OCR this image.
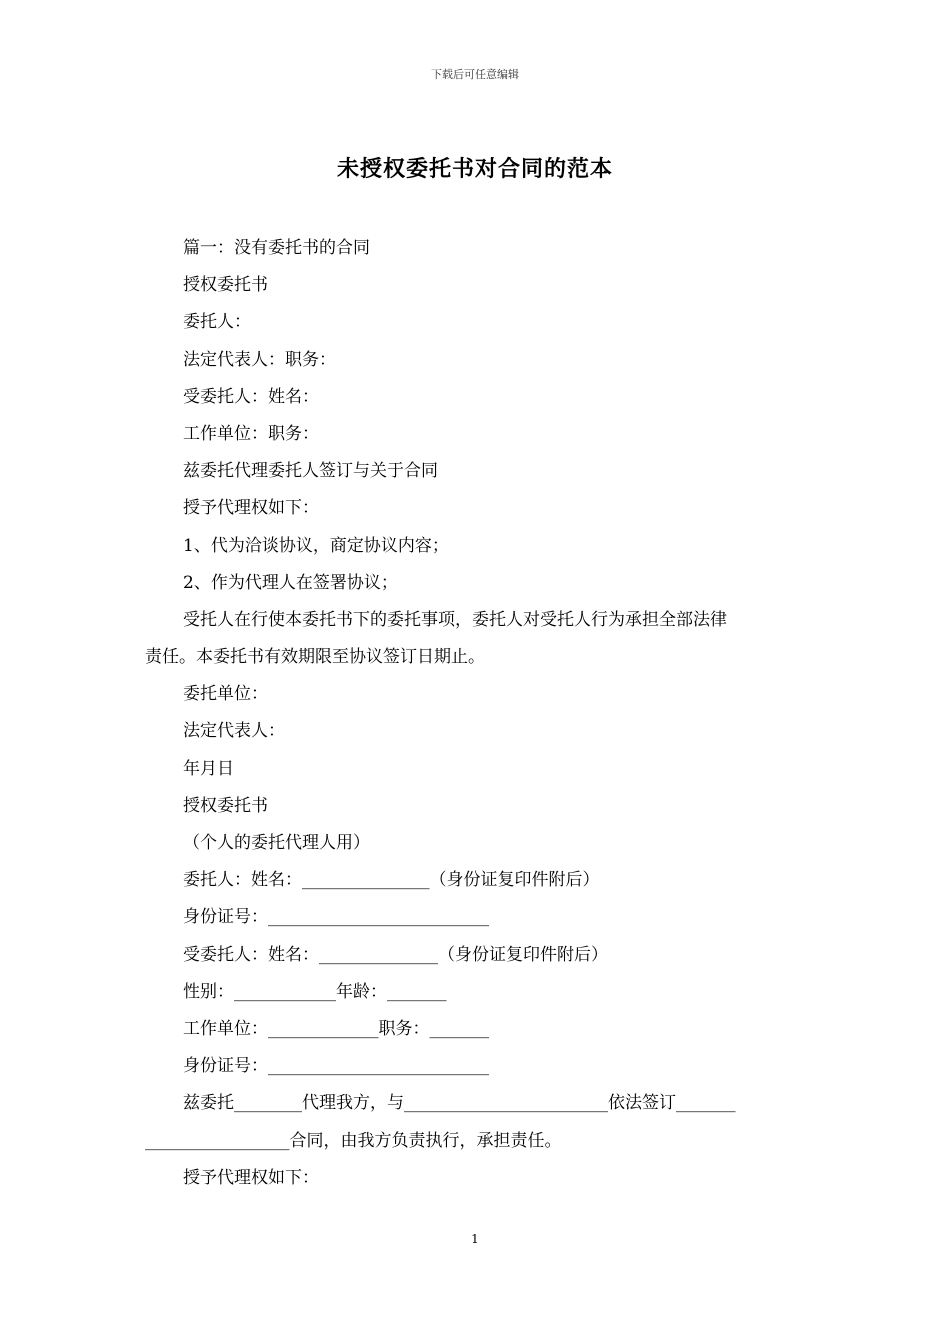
下载后可任意编辑
未授权委托书对合同的范本
篇一：没有委托书的合同
授权委托书
委托人：
法定代表人：职务：
受委托人：姓名：
工作单位：职务：
兹委托代理委托人签订与关于合同
授予代理权如下：
1、代为洽谈协议，商定协议内容；
2、作为代理人在签署协议；
受托人在行使本委托书下的委托事项，委托人对受托人行为承担全部法律
责任。本委托书有效期限至协议签订日期止。
委托单位：
法定代表人：
年月日
授权委托书
（个人的委托代理人用）
委托人：姓名：_______________（身份证复印件附后）
身份证号：__________________________
受委托人：姓名：______________（身份证复印件附后）
性别：____________年龄：_______
工作单位：_____________职务：_______
身份证号：__________________________
兹委托________代理我方，与________________________依法签订_______
_________________合同，由我方负责执行，承担责任。
授予代理权如下：
1
